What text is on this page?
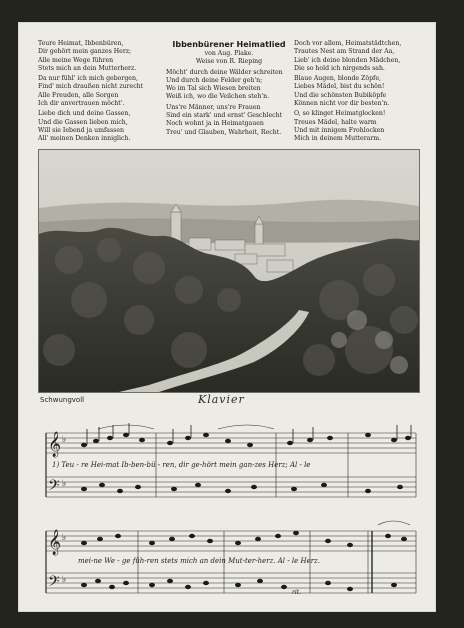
Teure Heimat, Ibbenbüren,
Dir gehört mein ganzes Herz;
Alle meine Wege führen
Stets mich an dein Mutterherz.
Da nur fühl' ich mich geborgen,
Find' mich draußen nicht zurecht
Alle Freuden, alle Sorgen
Ich dir anvertrauen möcht'.
Liebe dich und deine Gassen,
Und die Gassen lieben mich,
Will sie Iebend ja umfassen
All' meinen Denken inniglich.
Ibbenbürener Heimatlied
von Aug. Plake.
Weise von R. Rieping
Möcht' durch deine Wälder schreiten
Und durch deine Felder geh'n;
Wo im Tal sich Wiesen breiten
Weiß ich, wo die Veilchen steh'n.
Uns're Männer, uns're Frauen
Sind ein stark' und ernst' Geschlecht
Noch wohnt ja in Heimatgauen
Treu' und Glauben, Wahrheit, Recht.
Doch vor allem, Heimatstädtchen,
Trautes Nest am Strand der Aa,
Lieb' ich deine blonden Mädchen,
Die so hold ich nirgends sah.
Blaue Augen, blonde Zöpfe,
Liebes Mädel, bist du schön!
Und die schönsten Bubiköpfe
Können nicht vor dir besten'n.
O, so klinget Heimatglocken!
Treues Mädel, halte warm
Und mit innigem Frohlocken
Mich in deinem Mutterarm.
Schwungvoll	Klavier
𝄞
𝄢
𝄞
𝄢
♭
♭
♭
♭
1) Teu - re Hei-mat Ib-ben-bü - ren, dir ge-hört mein gan-zes Herz; Al - le
mei-ne We - ge füh-ren stets mich an dein Mut-ter-herz. Al - le Herz.
rit.
